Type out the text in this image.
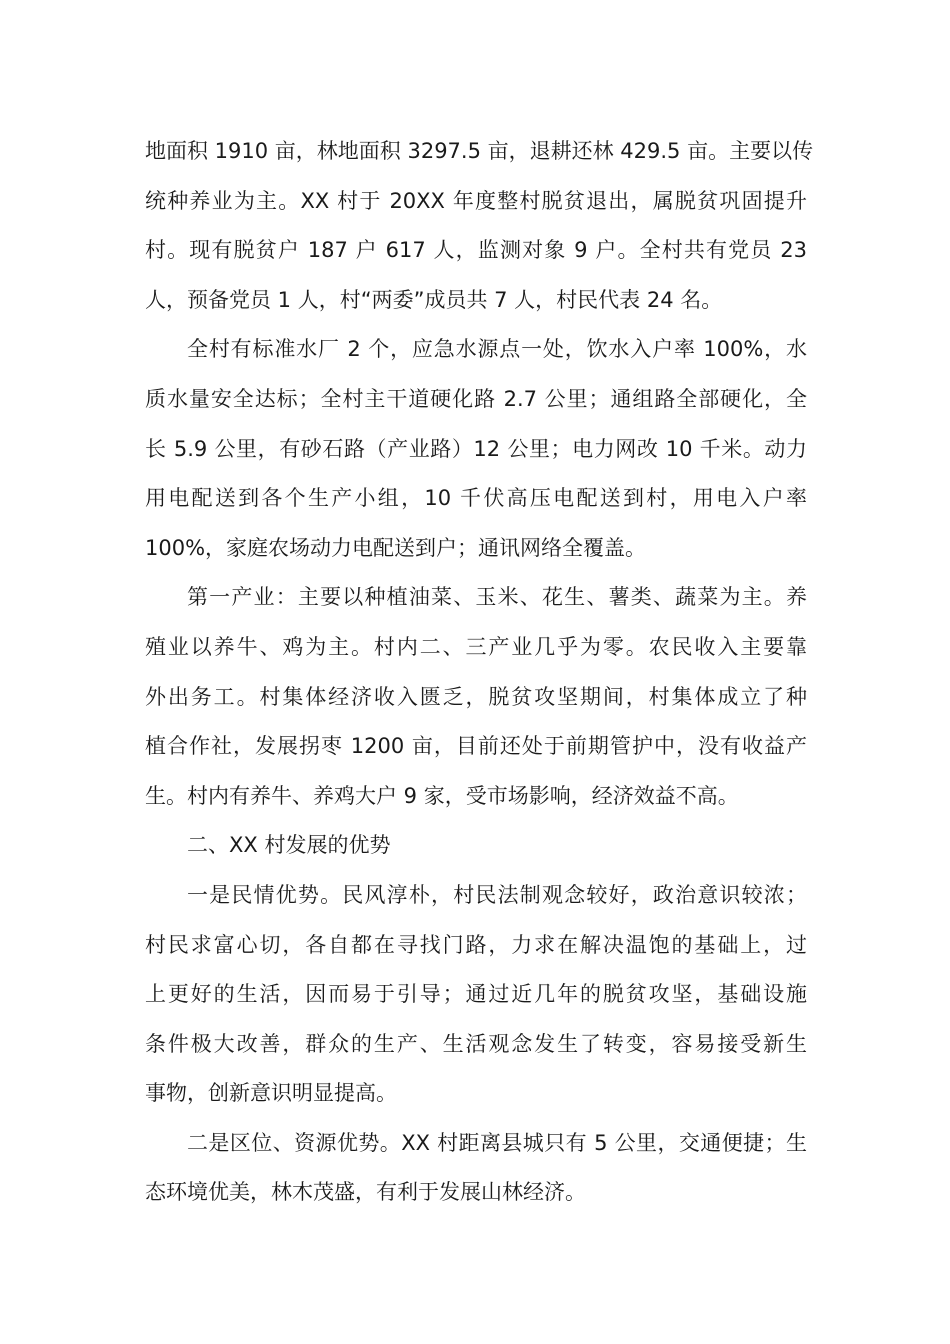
地面积 1910 亩，林地面积 3297.5 亩，退耕还林 429.5 亩。主要以传
统种养业为主。XX 村于 20XX 年度整村脱贫退出，属脱贫巩固提升
村。现有脱贫户 187 户 617 人，监测对象 9 户。全村共有党员 23
人，预备党员 1 人，村“两委”成员共 7 人，村民代表 24 名。
全村有标准水厂 2 个，应急水源点一处，饮水入户率 100%，水
质水量安全达标；全村主干道硬化路 2.7 公里；通组路全部硬化，全
长 5.9 公里，有砂石路（产业路）12 公里；电力网改 10 千米。动力
用电配送到各个生产小组，10 千伏高压电配送到村，用电入户率
100%，家庭农场动力电配送到户；通讯网络全覆盖。
第一产业：主要以种植油菜、玉米、花生、薯类、蔬菜为主。养
殖业以养牛、鸡为主。村内二、三产业几乎为零。农民收入主要靠
外出务工。村集体经济收入匮乏，脱贫攻坚期间，村集体成立了种
植合作社，发展拐枣 1200 亩，目前还处于前期管护中，没有收益产
生。村内有养牛、养鸡大户 9 家，受市场影响，经济效益不高。
二、XX 村发展的优势
一是民情优势。民风淳朴，村民法制观念较好，政治意识较浓；
村民求富心切，各自都在寻找门路，力求在解决温饱的基础上，过
上更好的生活，因而易于引导；通过近几年的脱贫攻坚，基础设施
条件极大改善，群众的生产、生活观念发生了转变，容易接受新生
事物，创新意识明显提高。
二是区位、资源优势。XX 村距离县城只有 5 公里，交通便捷；生
态环境优美，林木茂盛，有利于发展山林经济。
